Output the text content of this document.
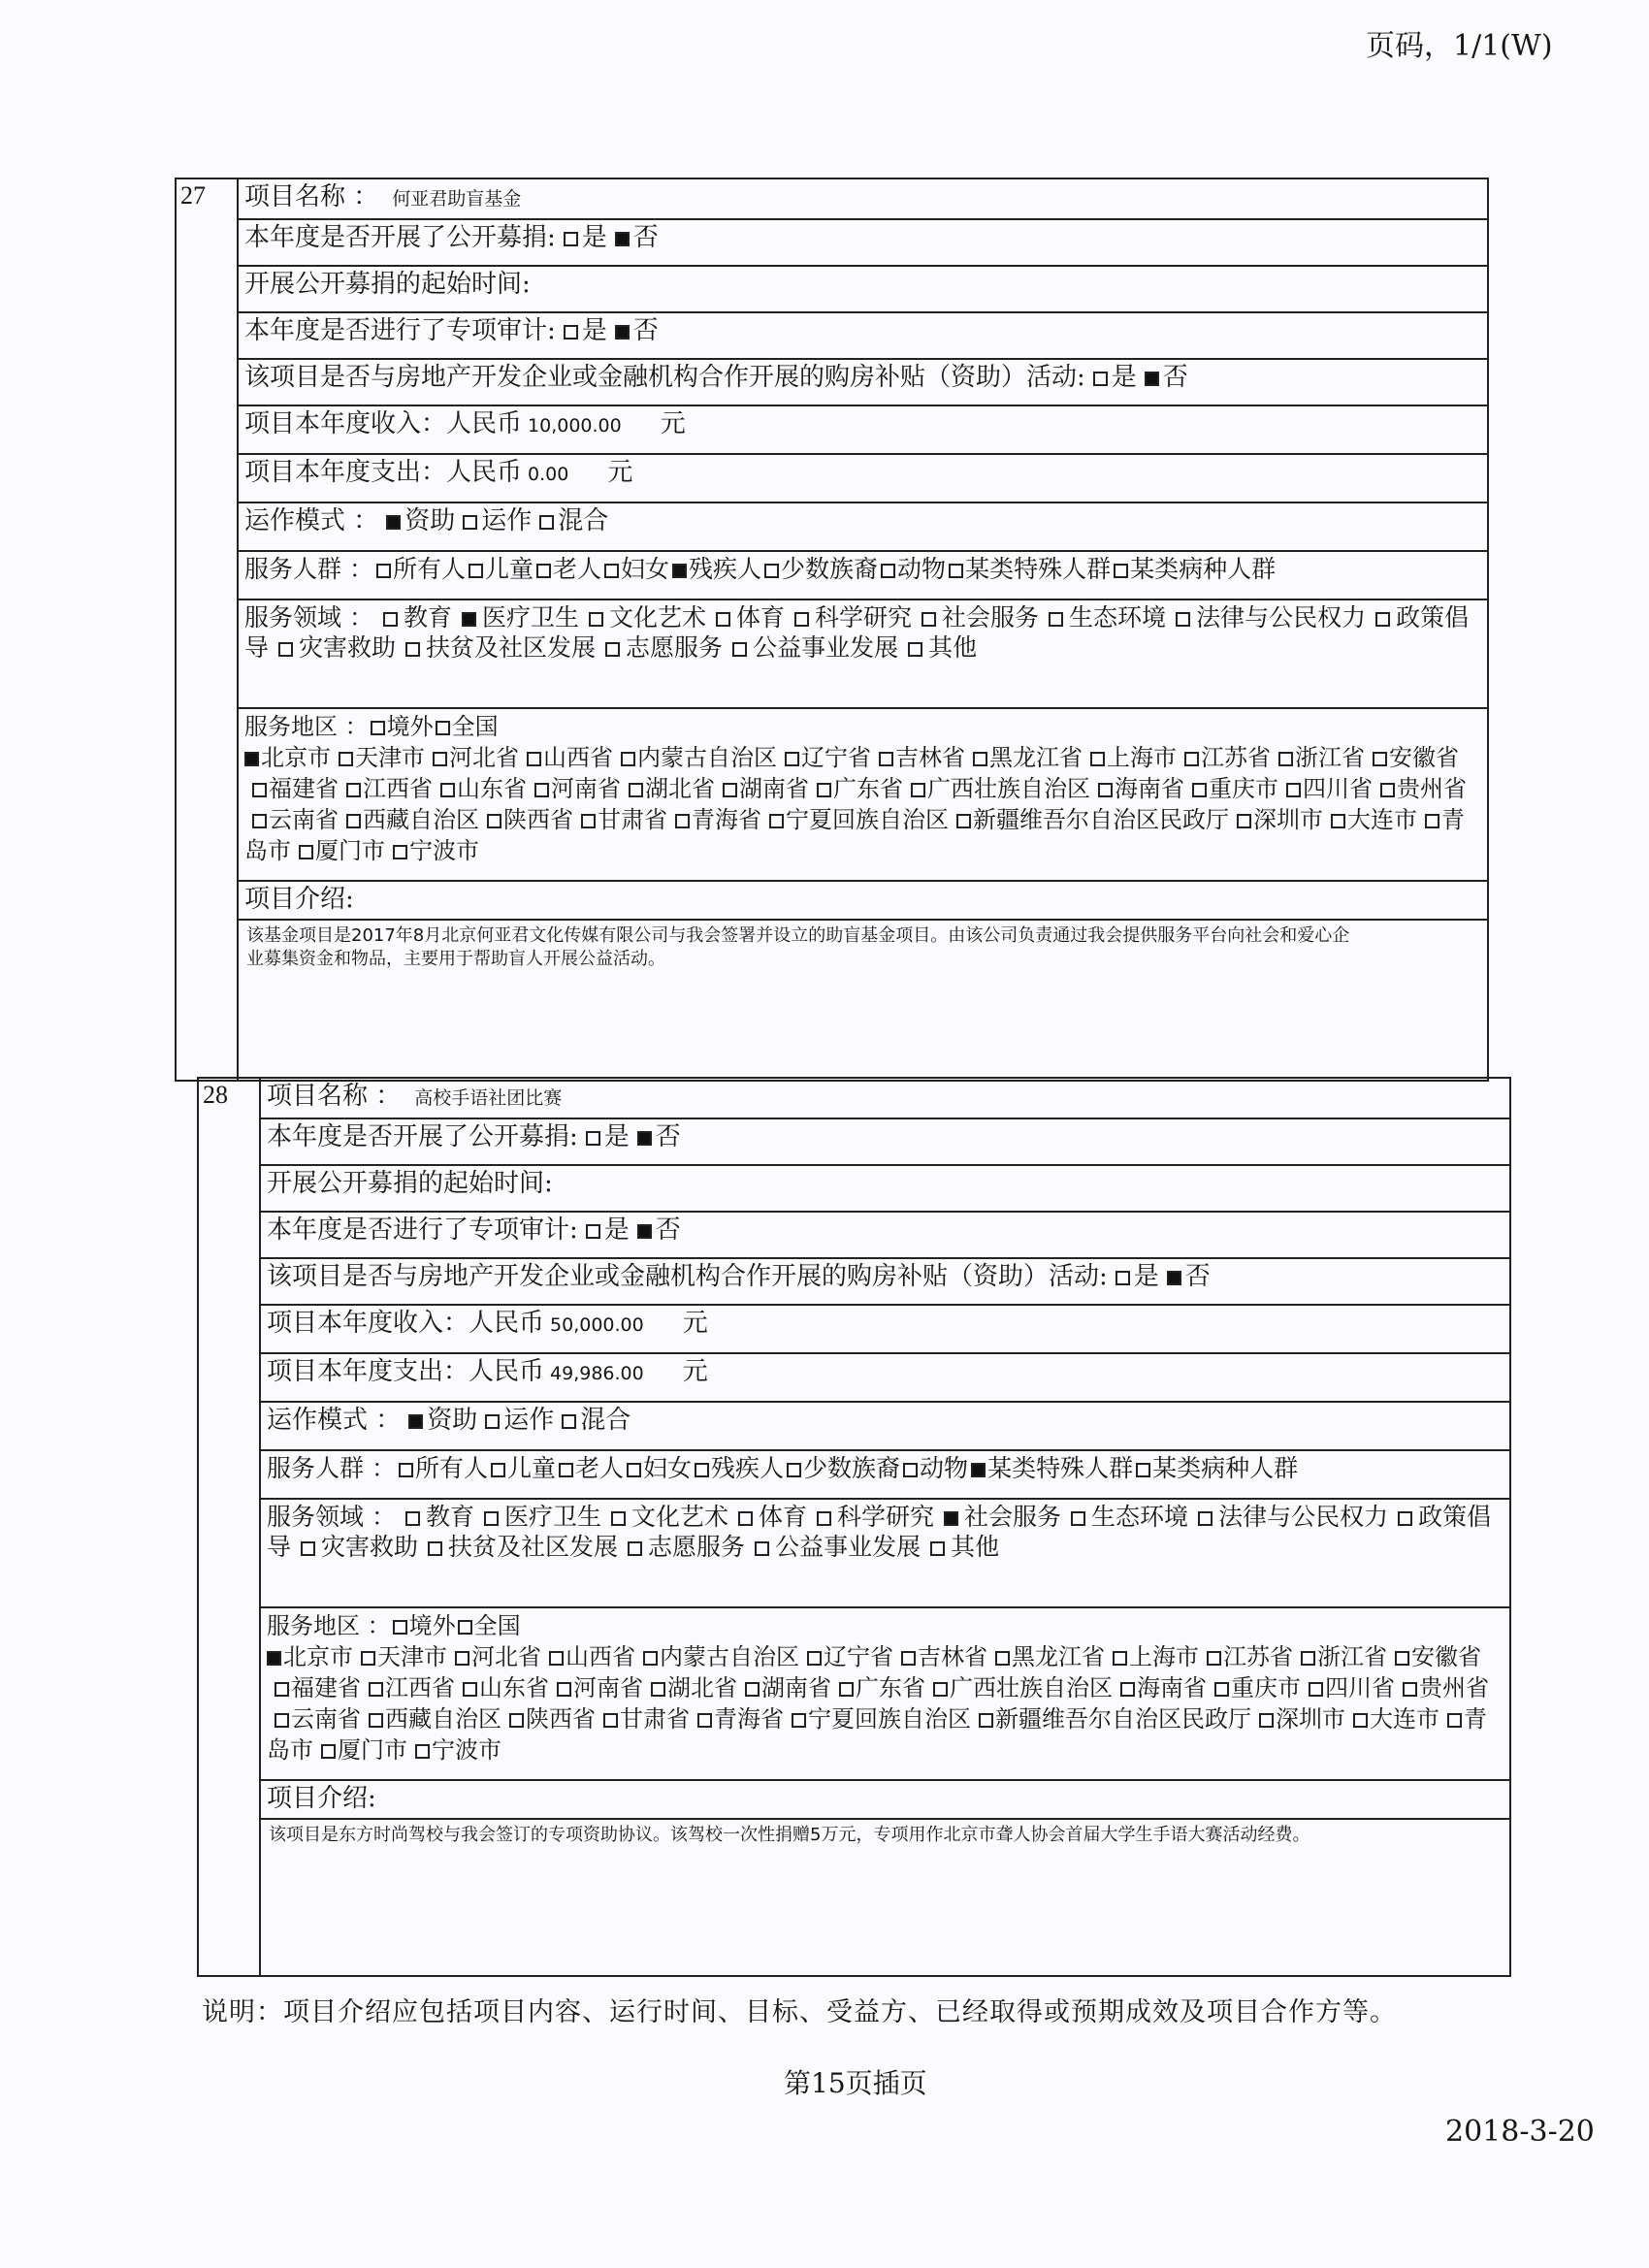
页码，1/1(W)
27 项目名称 ： 何亚君助盲基金
本年度是否开展了公开募捐: 是 否
开展公开募捐的起始时间:
本年度是否进行了专项审计: 是 否
该项目是否与房地产开发企业或金融机构合作开展的购房补贴（资助）活动: 是 否
项目本年度收入：人民币 10,000.00 元
项目本年度支出：人民币 0.00 元
运作模式 ： 资助 运作 混合
服务人群 ： 所有人 儿童 老人 妇女 残疾人 少数族裔 动物 某类特殊人群 某类病种人群
服务领域 ： 教育 医疗卫生 文化艺术 体育 科学研究 社会服务 生态环境 法律与公民权力 政策倡导 灾害救助 扶贫及社区发展 志愿服务 公益事业发展 其他
服务地区 ： 境外 全国
北京市 天津市 河北省 山西省 内蒙古自治区 辽宁省 吉林省 黑龙江省 上海市 江苏省 浙江省 安徽省福建省 江西省 山东省 河南省 湖北省 湖南省 广东省 广西壮族自治区 海南省 重庆市 四川省 贵州省云南省 西藏自治区 陕西省 甘肃省 青海省 宁夏回族自治区 新疆维吾尔自治区民政厅 深圳市 大连市 青岛市 厦门市 宁波市
项目介绍:
该基金项目是2017年8月北京何亚君文化传媒有限公司与我会签署并设立的助盲基金项目。由该公司负责通过我会提供服务平台向社会和爱心企业募集资金和物品，主要用于帮助盲人开展公益活动。
28 项目名称 ： 高校手语社团比赛
本年度是否开展了公开募捐: 是 否
开展公开募捐的起始时间:
本年度是否进行了专项审计: 是 否
该项目是否与房地产开发企业或金融机构合作开展的购房补贴（资助）活动: 是 否
项目本年度收入：人民币 50,000.00 元
项目本年度支出：人民币 49,986.00 元
运作模式 ： 资助 运作 混合
服务人群 ： 所有人 儿童 老人 妇女 残疾人 少数族裔 动物 某类特殊人群 某类病种人群
服务领域 ： 教育 医疗卫生 文化艺术 体育 科学研究 社会服务 生态环境 法律与公民权力 政策倡导 灾害救助 扶贫及社区发展 志愿服务 公益事业发展 其他
服务地区 ： 境外 全国
北京市 天津市 河北省 山西省 内蒙古自治区 辽宁省 吉林省 黑龙江省 上海市 江苏省 浙江省 安徽省福建省 江西省 山东省 河南省 湖北省 湖南省 广东省 广西壮族自治区 海南省 重庆市 四川省 贵州省云南省 西藏自治区 陕西省 甘肃省 青海省 宁夏回族自治区 新疆维吾尔自治区民政厅 深圳市 大连市 青岛市 厦门市 宁波市
项目介绍:
该项目是东方时尚驾校与我会签订的专项资助协议。该驾校一次性捐赠5万元，专项用作北京市聋人协会首届大学生手语大赛活动经费。
说明：项目介绍应包括项目内容、运行时间、目标、受益方、已经取得或预期成效及项目合作方等。
第15页插页
2018-3-20
